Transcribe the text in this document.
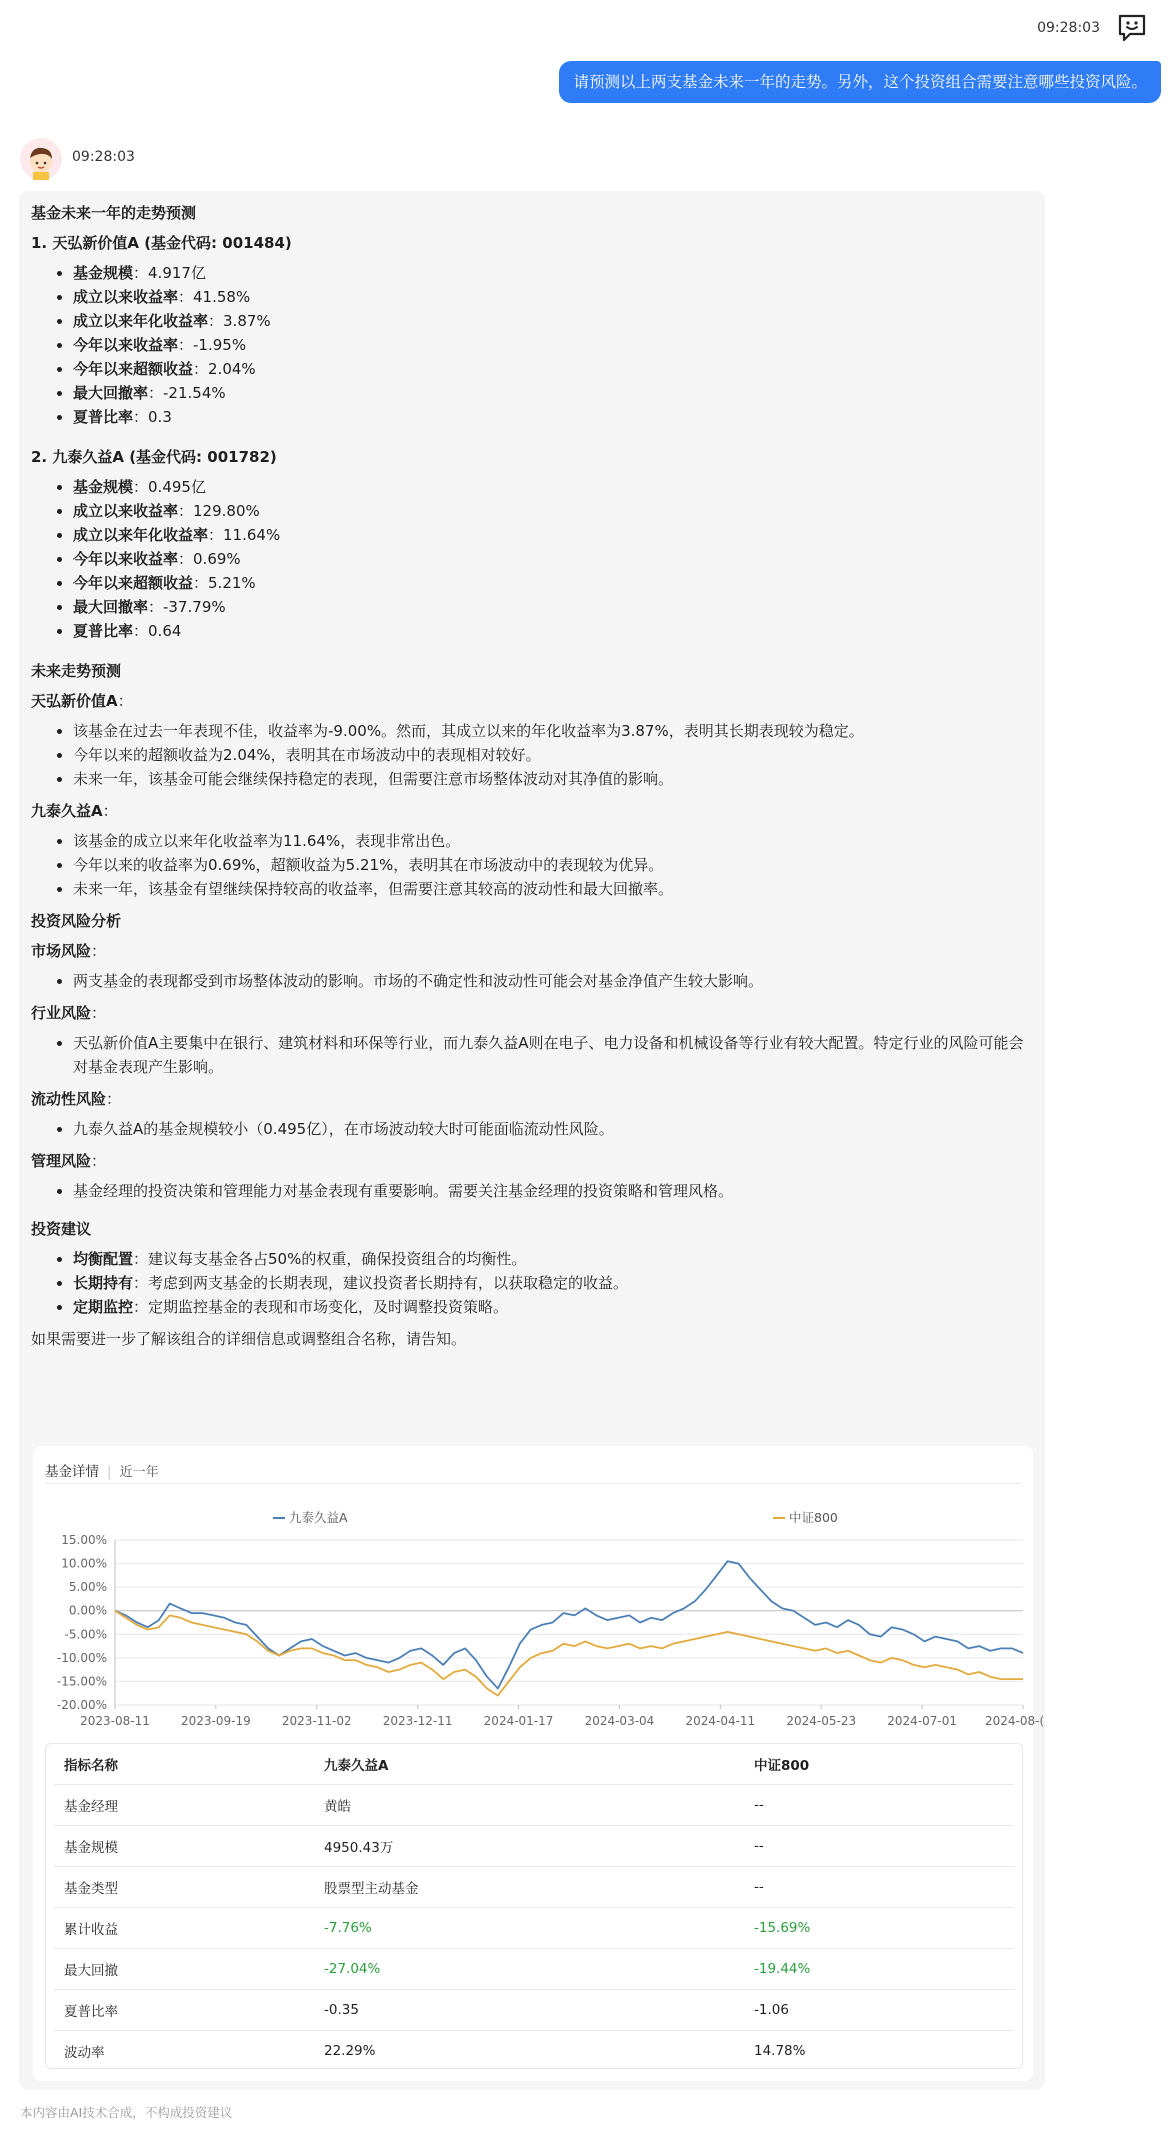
09:28:03
请预测以上两支基金未来一年的走势。另外，这个投资组合需要注意哪些投资风险。
09:28:03

基金未来一年的走势预测

1. 天弘新价值A (基金代码: 001484)

• 基金规模：4.917亿
• 成立以来收益率：41.58%
• 成立以来年化收益率：3.87%
• 今年以来收益率：-1.95%
• 今年以来超额收益：2.04%
• 最大回撤率：-21.54%
• 夏普比率：0.3

2. 九泰久益A (基金代码: 001782)

• 基金规模：0.495亿
• 成立以来收益率：129.80%
• 成立以来年化收益率：11.64%
• 今年以来收益率：0.69%
• 今年以来超额收益：5.21%
• 最大回撤率：-37.79%
• 夏普比率：0.64

未来走势预测

天弘新价值A：

• 该基金在过去一年表现不佳，收益率为-9.00%。然而，其成立以来的年化收益率为3.87%，表明其长期表现较为稳定。
• 今年以来的超额收益为2.04%，表明其在市场波动中的表现相对较好。
• 未来一年，该基金可能会继续保持稳定的表现，但需要注意市场整体波动对其净值的影响。

九泰久益A：

• 该基金的成立以来年化收益率为11.64%，表现非常出色。
• 今年以来的收益率为0.69%，超额收益为5.21%，表明其在市场波动中的表现较为优异。
• 未来一年，该基金有望继续保持较高的收益率，但需要注意其较高的波动性和最大回撤率。

投资风险分析

市场风险：

• 两支基金的表现都受到市场整体波动的影响。市场的不确定性和波动性可能会对基金净值产生较大影响。

行业风险：

• 天弘新价值A主要集中在银行、建筑材料和环保等行业，而九泰久益A则在电子、电力设备和机械设备等行业有较大配置。特定行业的风险可能会对基金表现产生影响。

流动性风险：

• 九泰久益A的基金规模较小（0.495亿），在市场波动较大时可能面临流动性风险。

管理风险：

• 基金经理的投资决策和管理能力对基金表现有重要影响。需要关注基金经理的投资策略和管理风格。

投资建议

• 均衡配置：建议每支基金各占50%的权重，确保投资组合的均衡性。
• 长期持有：考虑到两支基金的长期表现，建议投资者长期持有，以获取稳定的收益。
• 定期监控：定期监控基金的表现和市场变化，及时调整投资策略。

如果需要进一步了解该组合的详细信息或调整组合名称，请告知。

基金详情 | 近一年
15.00%
10.00%
5.00%
0.00%
-5.00%
-10.00%
-15.00%
-20.00%
2023-08-11	2023-09-19	2023-11-02	2023-12-11	2024-01-17	2024-03-04	2024-04-11	2024-05-23	2024-07-01 2024-08-(
九泰久益A	中证800
指标名称	九泰久益A	中证800
基金经理	黄皓	--
基金规模	4950.43万	--
基金类型	股票型主动基金	--
累计收益	-7.76%	-15.69%
最大回撤	-27.04%	-19.44%
夏普比率	-0.35	-1.06
波动率	22.29%	14.78%
本内容由AI技术合成，不构成投资建议
